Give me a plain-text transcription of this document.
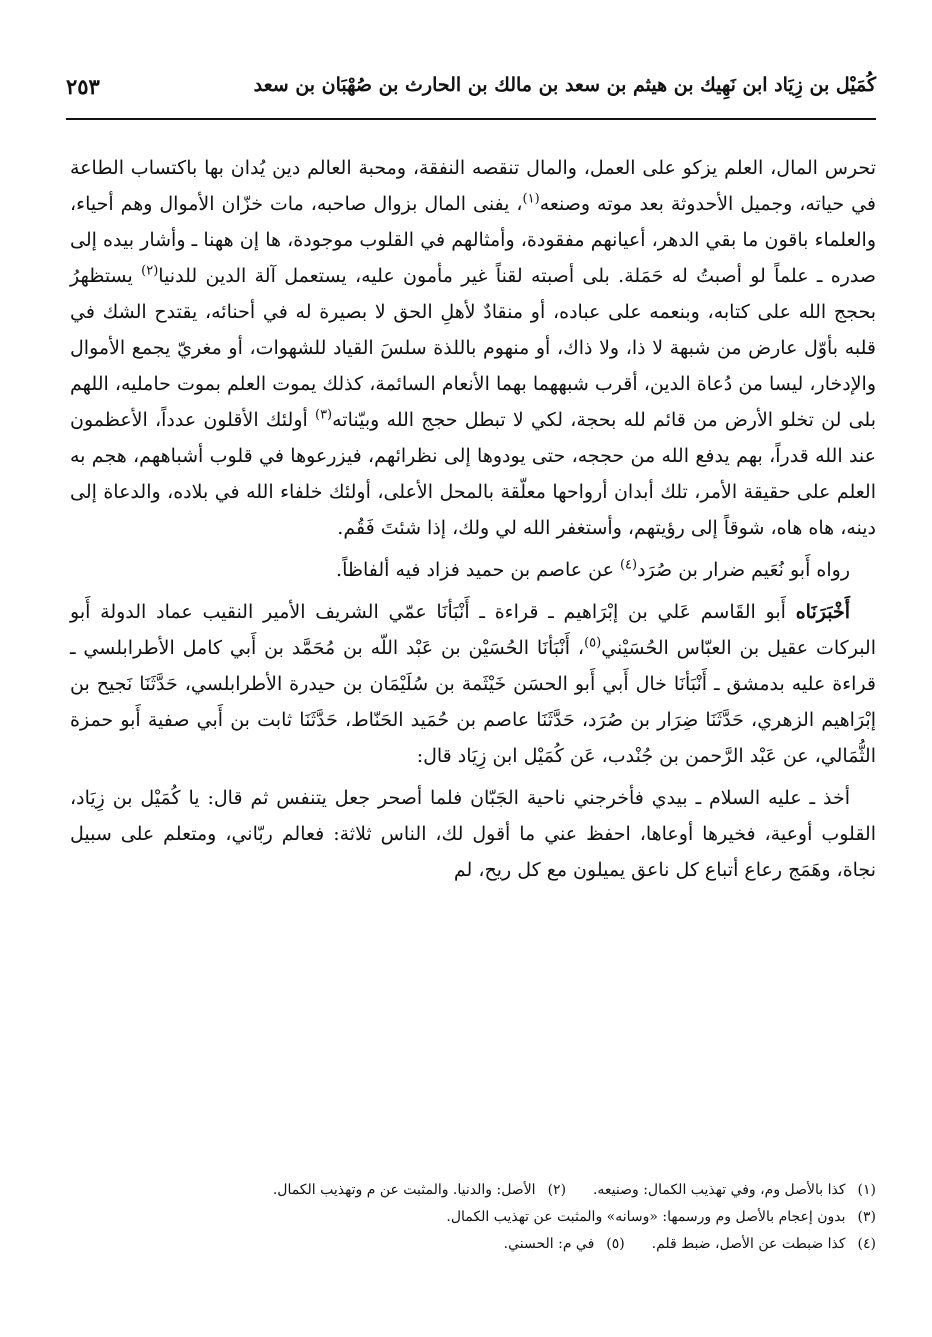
كُمَيْل بن زِيَاد ابن نَهِيك بن هيثم بن سعد بن مالك بن الحارث بن صُهْبَان بن سعد
٢٥٣

تحرس المال، العلم يزكو على العمل، والمال تنقصه النفقة، ومحبة العالم دين يُدان بها باكتساب الطاعة في حياته، وجميل الأحدوثة بعد موته وصنعه$^{(١)}$، يفنى المال بزوال صاحبه، مات خزّان الأموال وهم أحياء، والعلماء باقون ما بقي الدهر، أعيانهم مفقودة، وأمثالهم في القلوب موجودة، ها إن ههنا ـ وأشار بيده إلى صدره ـ علماً لو أصبتُ له حَمَلة. بلى أصبته لقناً غير مأمون عليه، يستعمل آلة الدين للدنيا$^{(٢)}$ يستظهرُ بحجج الله على كتابه، وبنعمه على عباده، أو منقادٌ لأهلِ الحق لا بصيرة له في أحنائه، يقتدح الشك في قلبه بأوّل عارض من شبهة لا ذا، ولا ذاك، أو منهوم باللذة سلسَ القياد للشهوات، أو مغريّ يجمع الأموال والإدخار، ليسا من دُعاة الدين، أقرب شبههما بهما الأنعام السائمة، كذلك يموت العلم بموت حامليه، اللهم بلى لن تخلو الأرض من قائم لله بحجة، لكي لا تبطل حجج الله وبيّناته$^{(٣)}$ أولئك الأقلون عدداً، الأعظمون عند الله قدراً، بهم يدفع الله من حججه، حتى يودوها إلى نظرائهم، فيزرعوها في قلوب أشباههم، هجم به العلم على حقيقة الأمر، تلك أبدان أرواحها معلّقة بالمحل الأعلى، أولئك خلفاء الله في بلاده، والدعاة إلى دينه، هاه هاه، شوقاً إلى رؤيتهم، وأستغفر الله لي ولك، إذا شئتَ فَقُم.

رواه أَبو نُعَيم ضرار بن صُرَد$^{(٤)}$ عن عاصم بن حميد فزاد فيه ألفاظاً.

أَخْبَرَنَاه أَبو القَاسم عَلي بن إبْرَاهيم ـ قراءة ـ أَنْبَأنَا عمّي الشريف الأمير النقيب عماد الدولة أَبو البركات عقيل بن العبّاس الحُسَيْني$^{(٥)}$، أَنْبَأنَا الحُسَيْن بن عَبْد اللّه بن مُحَمَّد بن أَبي كامل الأطرابلسي ـ قراءة عليه بدمشق ـ أَنْبَأنَا خال أَبي أَبو الحسَن خَيْثَمة بن سُلَيْمَان بن حيدرة الأطرابلسي، حَدَّثَنَا نَجيح بن إبْرَاهيم الزهري، حَدَّثَنَا ضِرَار بن صُرَد، حَدَّثَنَا عاصم بن حُمَيد الحَنّاط، حَدَّثَنَا ثابت بن أَبي صفية أَبو حمزة الثُّمَالي، عن عَبْد الرَّحمن بن جُنْدب، عَن كُمَيْل ابن زِيَاد قال:

أخذ ـ عليه السلام ـ بيدي فأخرجني ناحية الجَبّان فلما أصحر جعل يتنفس ثم قال: يا كُمَيْل بن زِيَاد، القلوب أوعية، فخيرها أوعاها، احفظ عني ما أقول لك، الناس ثلاثة: فعالم ربّاني، ومتعلم على سبيل نجاة، وهَمَج رعاع أتباع كل ناعق يميلون مع كل ريح، لم

(١) كذا بالأصل وم، وفي تهذيب الكمال: وصنيعه.  (٢) الأصل: والدنيا. والمثبت عن م وتهذيب الكمال.
(٣) بدون إعجام بالأصل وم ورسمها: «وسانه» والمثبت عن تهذيب الكمال.
(٤) كذا ضبطت عن الأصل، ضبط قلم.  (٥) في م: الحسني.
